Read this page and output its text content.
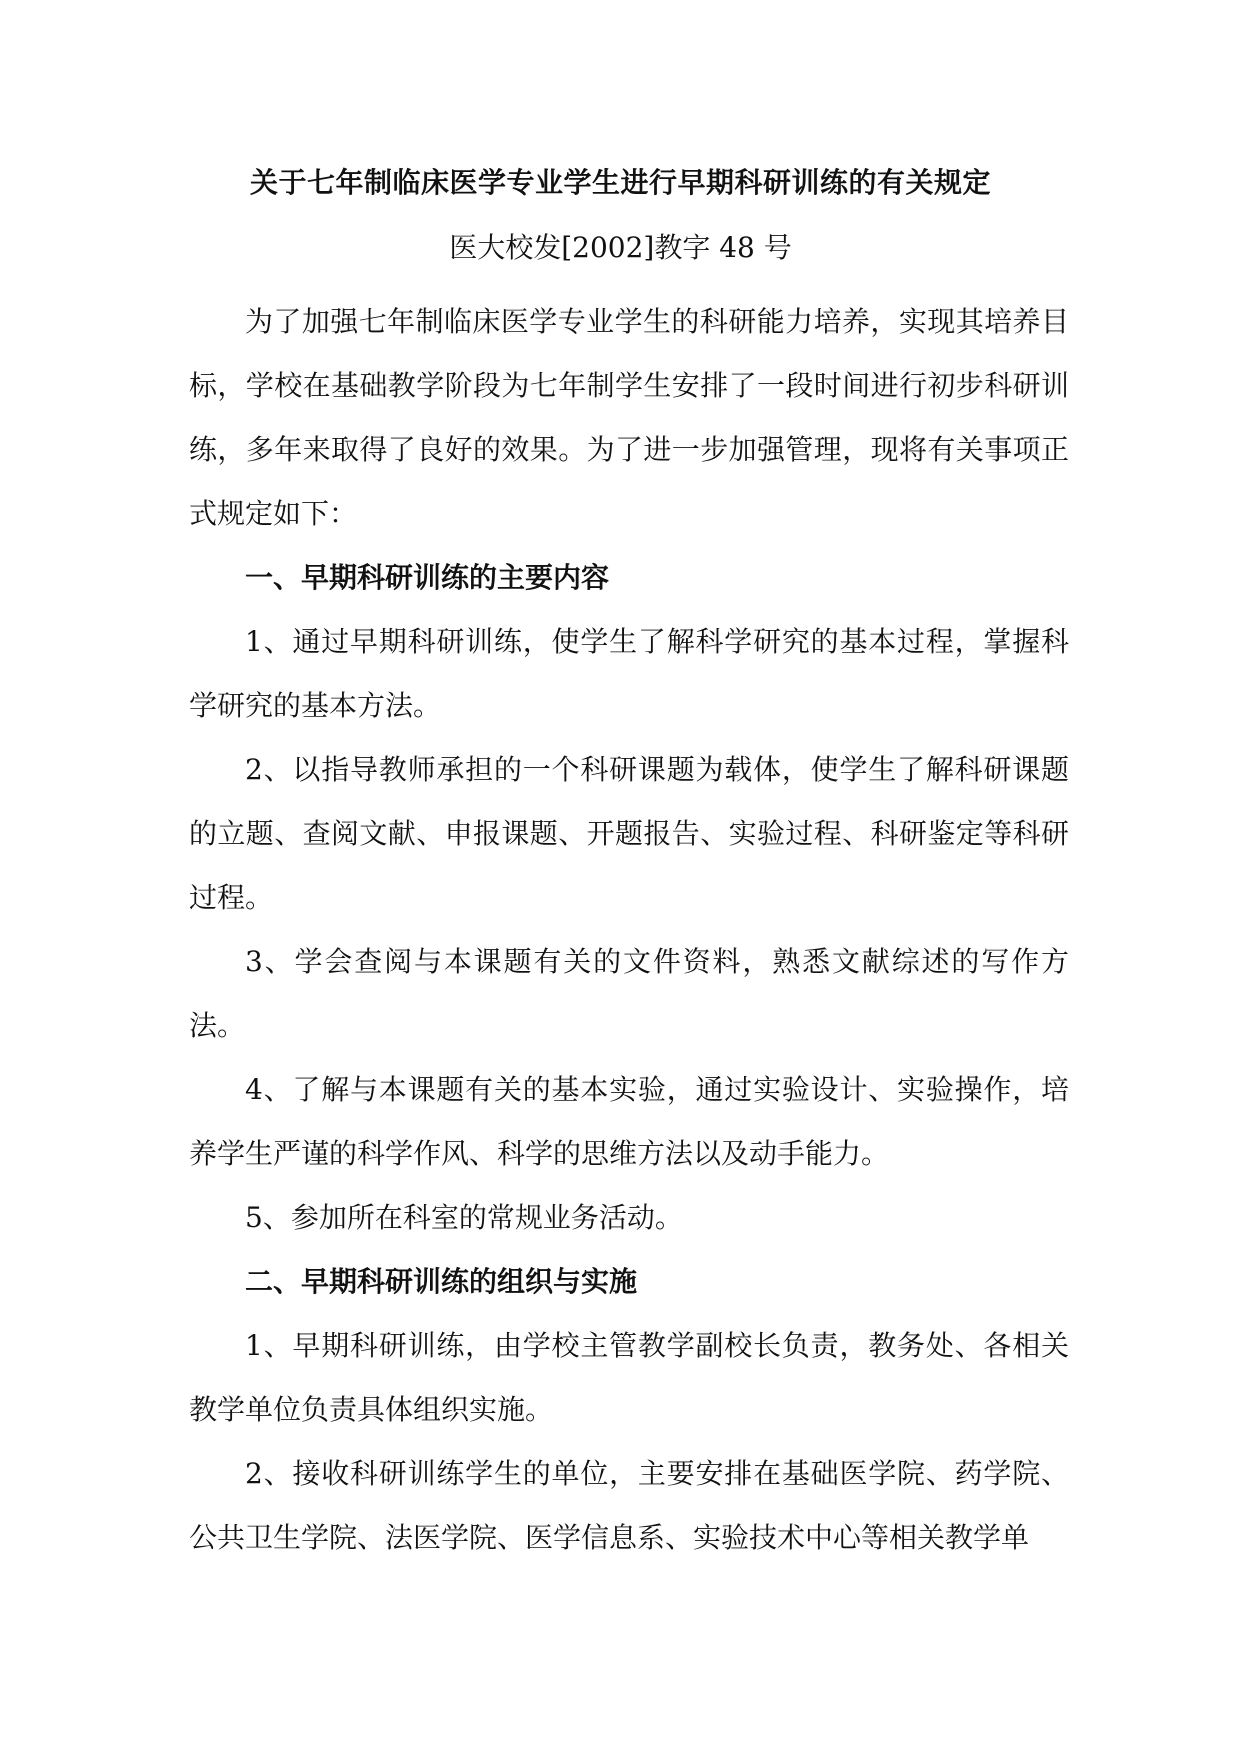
关于七年制临床医学专业学生进行早期科研训练的有关规定
医大校发[2002]教字 48 号

为了加强七年制临床医学专业学生的科研能力培养，实现其培养目标，学校在基础教学阶段为七年制学生安排了一段时间进行初步科研训练，多年来取得了良好的效果。为了进一步加强管理，现将有关事项正式规定如下：

一、早期科研训练的主要内容

1、通过早期科研训练，使学生了解科学研究的基本过程，掌握科学研究的基本方法。

2、以指导教师承担的一个科研课题为载体，使学生了解科研课题的立题、查阅文献、申报课题、开题报告、实验过程、科研鉴定等科研过程。

3、学会查阅与本课题有关的文件资料，熟悉文献综述的写作方法。

4、了解与本课题有关的基本实验，通过实验设计、实验操作，培养学生严谨的科学作风、科学的思维方法以及动手能力。

5、参加所在科室的常规业务活动。

二、早期科研训练的组织与实施

1、早期科研训练，由学校主管教学副校长负责，教务处、各相关教学单位负责具体组织实施。

2、接收科研训练学生的单位，主要安排在基础医学院、药学院、公共卫生学院、法医学院、医学信息系、实验技术中心等相关教学单
